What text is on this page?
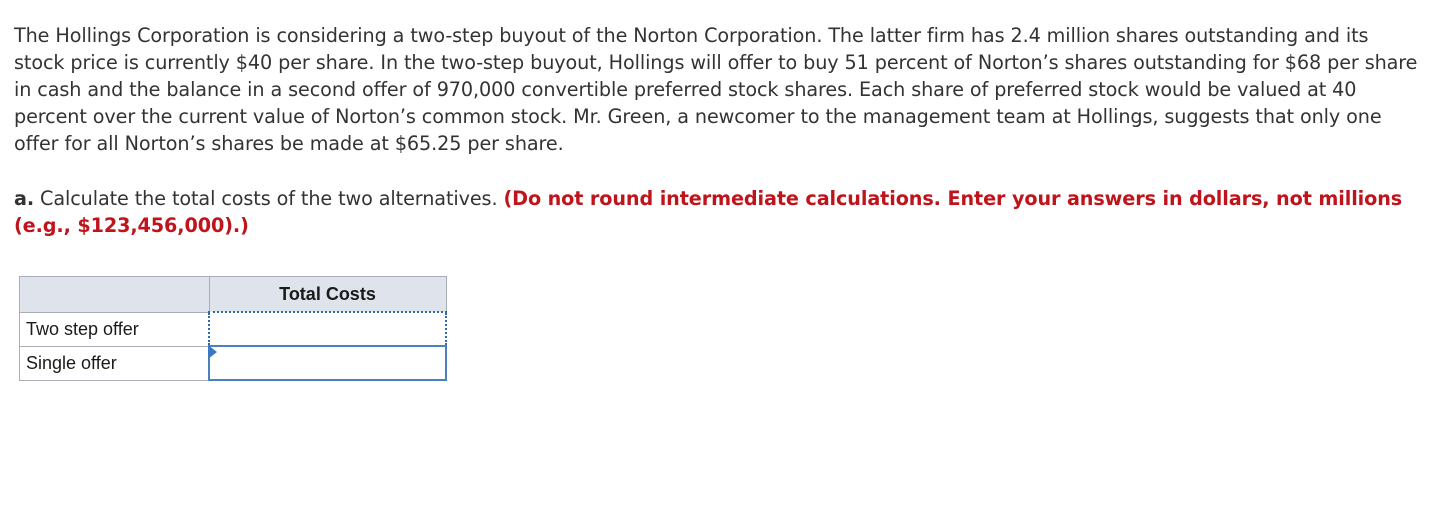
The Hollings Corporation is considering a two-step buyout of the Norton Corporation. The latter firm has 2.4 million shares outstanding and its stock price is currently $40 per share. In the two-step buyout, Hollings will offer to buy 51 percent of Norton’s shares outstanding for $68 per share in cash and the balance in a second offer of 970,000 convertible preferred stock shares. Each share of preferred stock would be valued at 40 percent over the current value of Norton’s common stock. Mr. Green, a newcomer to the management team at Hollings, suggests that only one offer for all Norton’s shares be made at $65.25 per share.

a. Calculate the total costs of the two alternatives. (Do not round intermediate calculations. Enter your answers in dollars, not millions (e.g., $123,456,000).)

	Total Costs
Two step offer	
Single offer	
